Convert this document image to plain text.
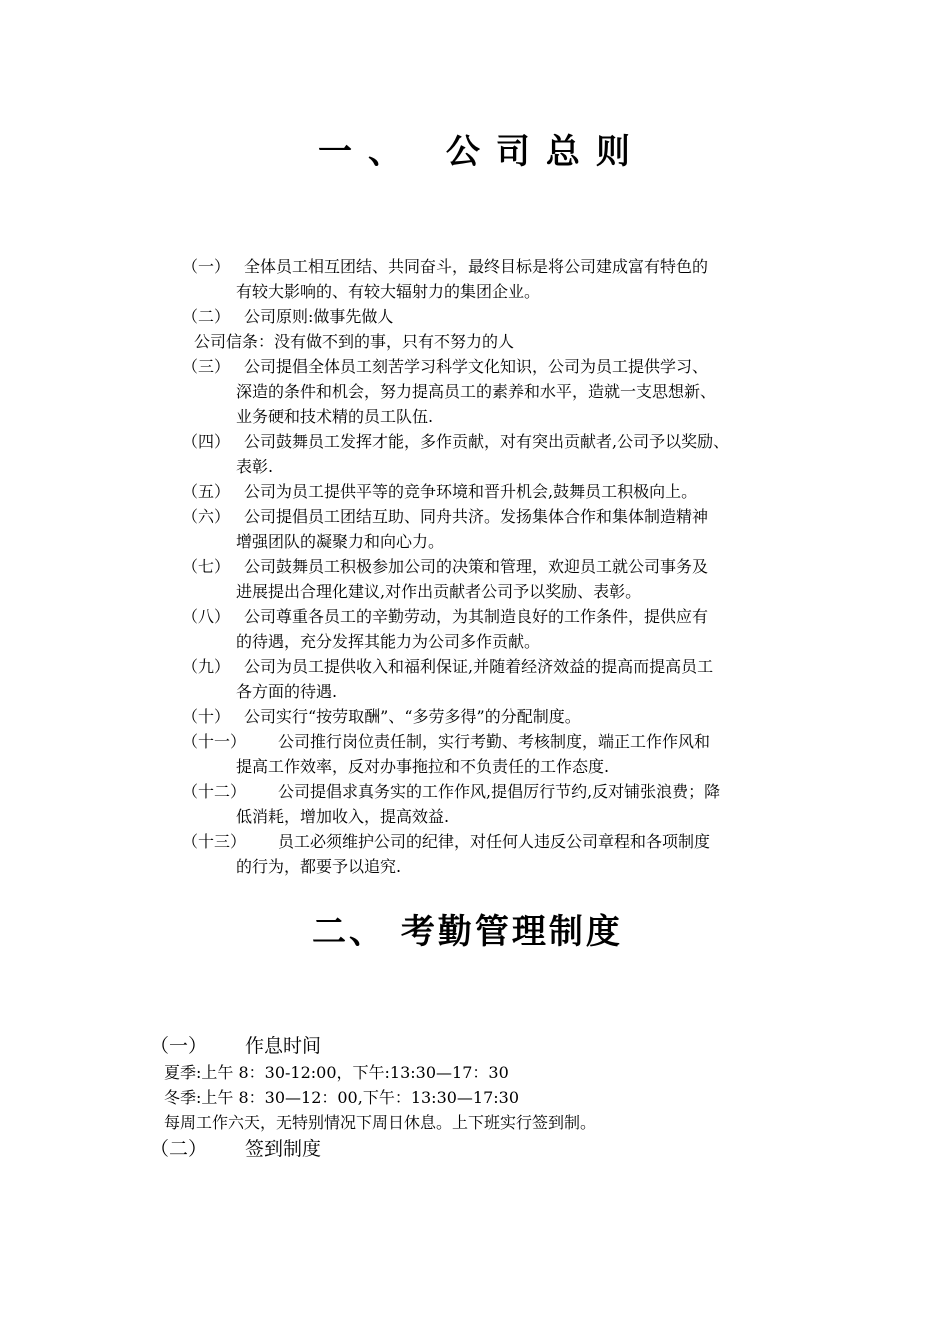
一、 公司总则
（一） 全体员工相互团结、共同奋斗，最终目标是将公司建成富有特色的
有较大影响的、有较大辐射力的集团企业。
（二） 公司原则:做事先做人
公司信条：没有做不到的事，只有不努力的人
（三） 公司提倡全体员工刻苦学习科学文化知识，公司为员工提供学习、
深造的条件和机会，努力提高员工的素养和水平，造就一支思想新、
业务硬和技术精的员工队伍.
（四） 公司鼓舞员工发挥才能，多作贡献，对有突出贡献者,公司予以奖励、
表彰.
（五） 公司为员工提供平等的竞争环境和晋升机会,鼓舞员工积极向上。
（六） 公司提倡员工团结互助、同舟共济。发扬集体合作和集体制造精神
增强团队的凝聚力和向心力。
（七） 公司鼓舞员工积极参加公司的决策和管理，欢迎员工就公司事务及
进展提出合理化建议,对作出贡献者公司予以奖励、表彰。
（八） 公司尊重各员工的辛勤劳动，为其制造良好的工作条件，提供应有
的待遇，充分发挥其能力为公司多作贡献。
（九） 公司为员工提供收入和福利保证,并随着经济效益的提高而提高员工
各方面的待遇.
（十） 公司实行“按劳取酬”、“多劳多得”的分配制度。
（十一）	公司推行岗位责任制，实行考勤、考核制度，端正工作作风和
提高工作效率，反对办事拖拉和不负责任的工作态度.
（十二）	公司提倡求真务实的工作作风,提倡厉行节约,反对铺张浪费；降
低消耗，增加收入，提高效益.
（十三）	员工必须维护公司的纪律，对任何人违反公司章程和各项制度
的行为，都要予以追究.
二、 考勤管理制度
（一） 作息时间
夏季:上午 8：30-12:00，下午:13:30—17：30
冬季:上午 8：30—12：00,下午：13:30—17:30
每周工作六天，无特别情况下周日休息。上下班实行签到制。
（二） 签到制度
